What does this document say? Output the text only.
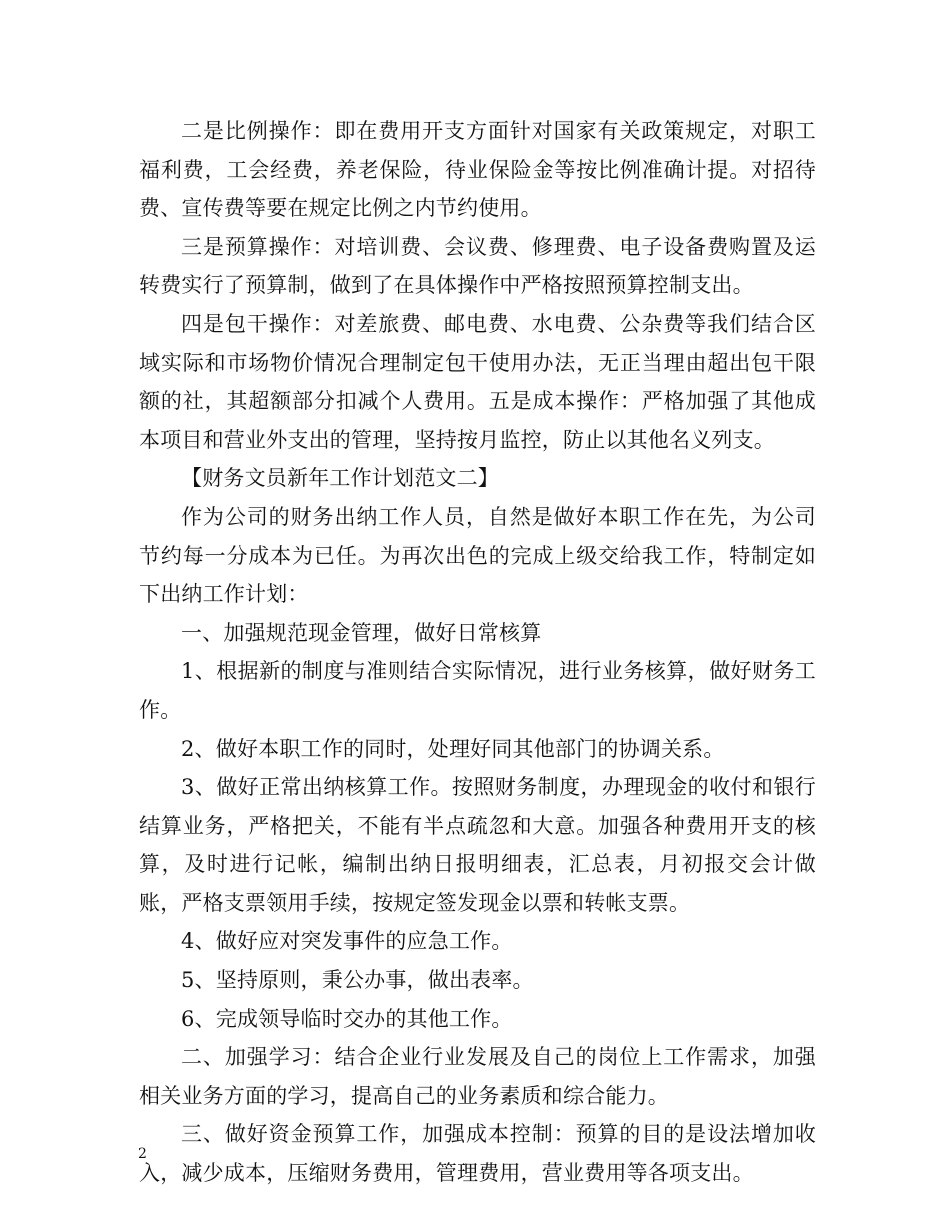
二是比例操作：即在费用开支方面针对国家有关政策规定，对职工福利费，工会经费，养老保险，待业保险金等按比例准确计提。对招待费、宣传费等要在规定比例之内节约使用。

三是预算操作：对培训费、会议费、修理费、电子设备费购置及运转费实行了预算制，做到了在具体操作中严格按照预算控制支出。

四是包干操作：对差旅费、邮电费、水电费、公杂费等我们结合区域实际和市场物价情况合理制定包干使用办法，无正当理由超出包干限额的社，其超额部分扣减个人费用。五是成本操作：严格加强了其他成本项目和营业外支出的管理，坚持按月监控，防止以其他名义列支。

【财务文员新年工作计划范文二】

作为公司的财务出纳工作人员，自然是做好本职工作在先，为公司节约每一分成本为已任。为再次出色的完成上级交给我工作，特制定如下出纳工作计划：

一、加强规范现金管理，做好日常核算

1、根据新的制度与准则结合实际情况，进行业务核算，做好财务工作。

2、做好本职工作的同时，处理好同其他部门的协调关系。

3、做好正常出纳核算工作。按照财务制度，办理现金的收付和银行结算业务，严格把关，不能有半点疏忽和大意。加强各种费用开支的核算，及时进行记帐，编制出纳日报明细表，汇总表，月初报交会计做账，严格支票领用手续，按规定签发现金以票和转帐支票。

4、做好应对突发事件的应急工作。

5、坚持原则，秉公办事，做出表率。

6、完成领导临时交办的其他工作。

二、加强学习：结合企业行业发展及自己的岗位上工作需求，加强相关业务方面的学习，提高自己的业务素质和综合能力。

三、做好资金预算工作，加强成本控制：预算的目的是设法增加收入，减少成本，压缩财务费用，管理费用，营业费用等各项支出。

2
